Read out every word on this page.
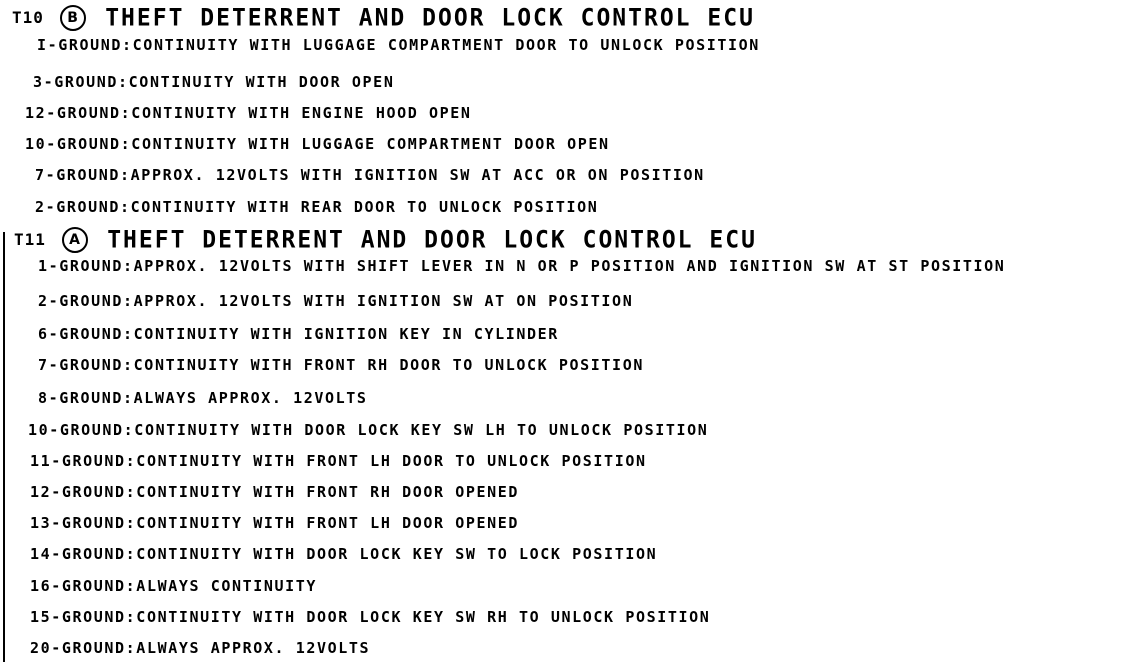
T10 B THEFT DETERRENT AND DOOR LOCK CONTROL ECU
I-GROUND:CONTINUITY WITH LUGGAGE COMPARTMENT DOOR TO UNLOCK POSITION
3-GROUND:CONTINUITY WITH DOOR OPEN
12-GROUND:CONTINUITY WITH ENGINE HOOD OPEN
10-GROUND:CONTINUITY WITH LUGGAGE COMPARTMENT DOOR OPEN
7-GROUND:APPROX. 12VOLTS WITH IGNITION SW AT ACC OR ON POSITION
2-GROUND:CONTINUITY WITH REAR DOOR TO UNLOCK POSITION
T11 A THEFT DETERRENT AND DOOR LOCK CONTROL ECU
1-GROUND:APPROX. 12VOLTS WITH SHIFT LEVER IN N OR P POSITION AND IGNITION SW AT ST POSITION
2-GROUND:APPROX. 12VOLTS WITH IGNITION SW AT ON POSITION
6-GROUND:CONTINUITY WITH IGNITION KEY IN CYLINDER
7-GROUND:CONTINUITY WITH FRONT RH DOOR TO UNLOCK POSITION
8-GROUND:ALWAYS APPROX. 12VOLTS
10-GROUND:CONTINUITY WITH DOOR LOCK KEY SW LH TO UNLOCK POSITION
11-GROUND:CONTINUITY WITH FRONT LH DOOR TO UNLOCK POSITION
12-GROUND:CONTINUITY WITH FRONT RH DOOR OPENED
13-GROUND:CONTINUITY WITH FRONT LH DOOR OPENED
14-GROUND:CONTINUITY WITH DOOR LOCK KEY SW TO LOCK POSITION
16-GROUND:ALWAYS CONTINUITY
15-GROUND:CONTINUITY WITH DOOR LOCK KEY SW RH TO UNLOCK POSITION
20-GROUND:ALWAYS APPROX. 12VOLTS
